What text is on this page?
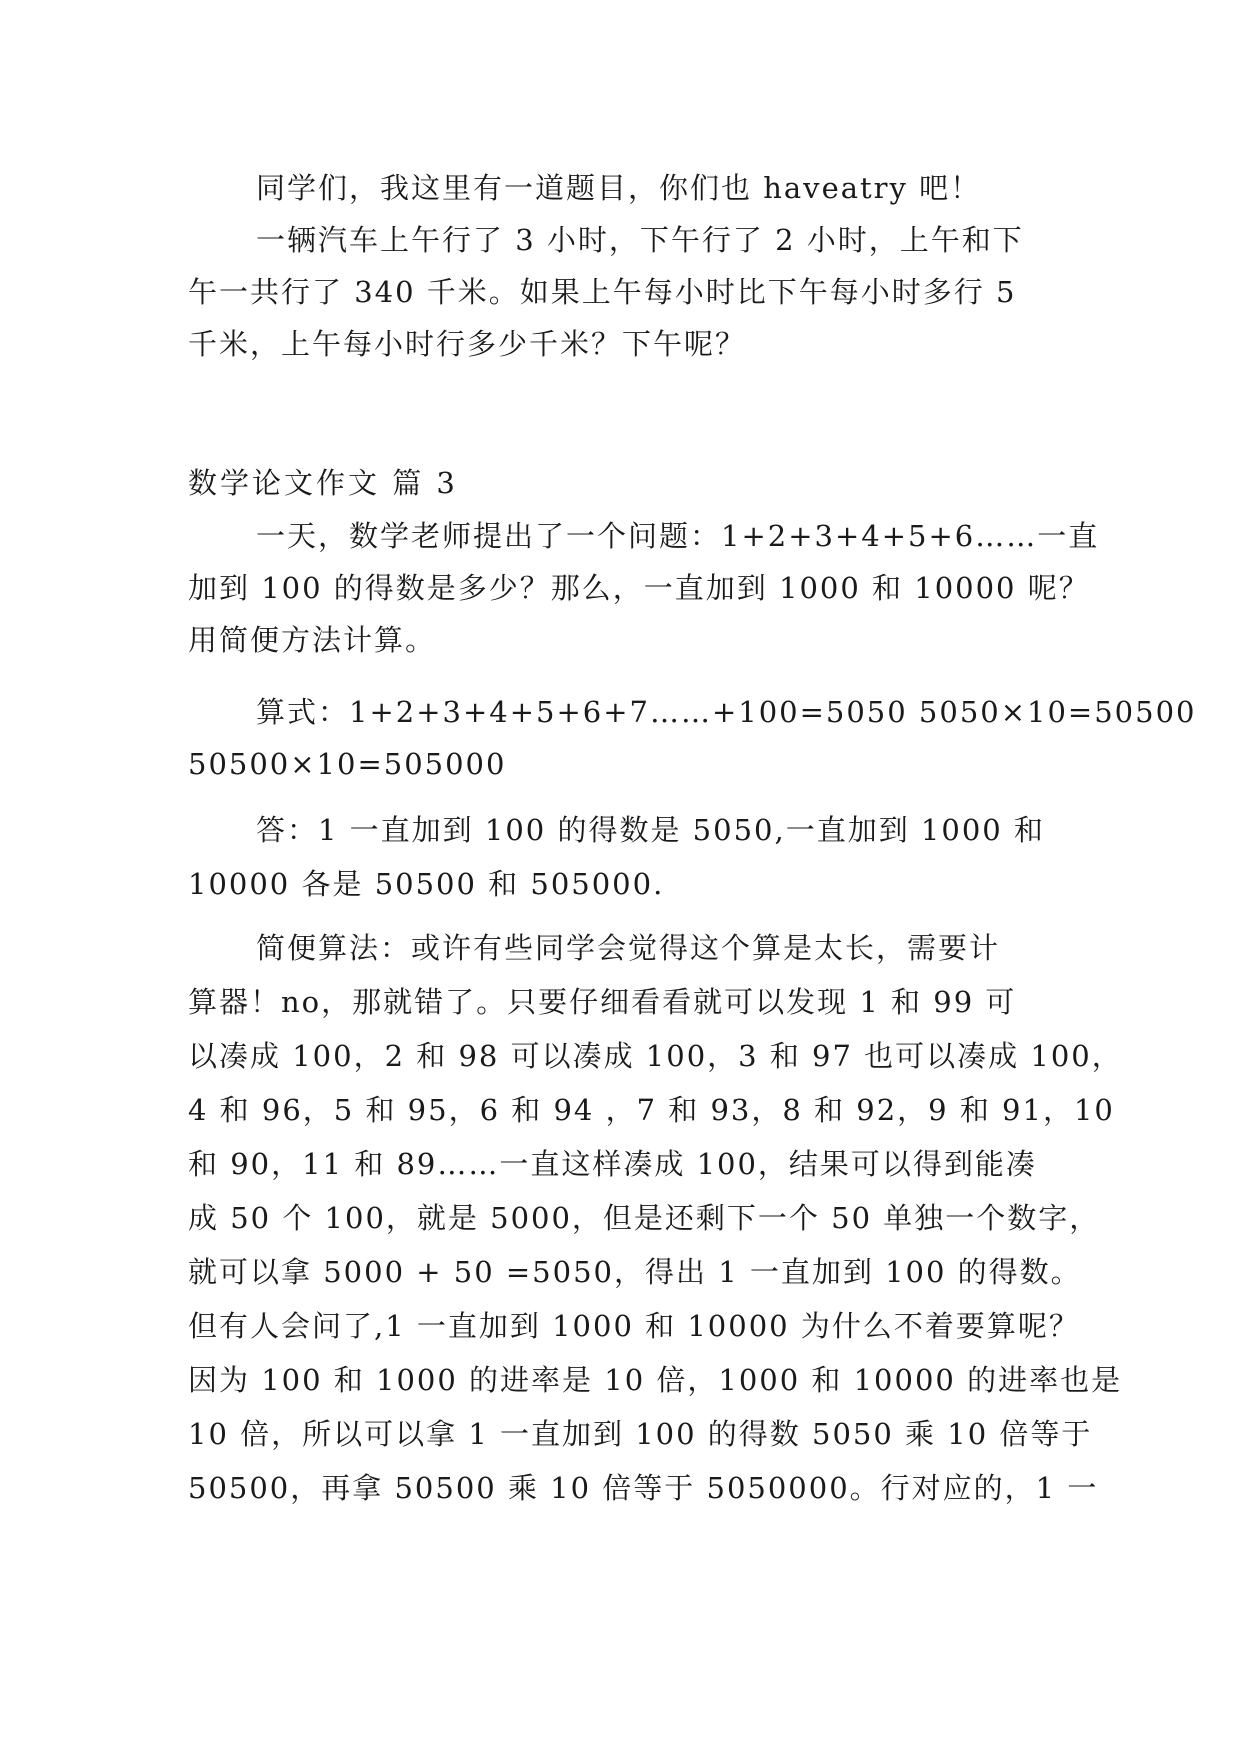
同学们，我这里有一道题目，你们也 haveatry 吧！
一辆汽车上午行了 3 小时，下午行了 2 小时，上午和下
午一共行了 340 千米。如果上午每小时比下午每小时多行 5
千米，上午每小时行多少千米？下午呢？
数学论文作文 篇 3
一天，数学老师提出了一个问题：1+2+3+4+5+6……一直
加到 100 的得数是多少？那么，一直加到 1000 和 10000 呢？
用简便方法计算。
算式：1+2+3+4+5+6+7……+100=5050 5050×10=50500
50500×10=505000
答：1 一直加到 100 的得数是 5050,一直加到 1000 和
10000 各是 50500 和 505000.
简便算法：或许有些同学会觉得这个算是太长，需要计
算器！no，那就错了。只要仔细看看就可以发现 1 和 99 可
以凑成 100，2 和 98 可以凑成 100，3 和 97 也可以凑成 100，
4 和 96，5 和 95，6 和 94 ，7 和 93，8 和 92，9 和 91，10
和 90，11 和 89……一直这样凑成 100，结果可以得到能凑
成 50 个 100，就是 5000，但是还剩下一个 50 单独一个数字，
就可以拿 5000 + 50 =5050，得出 1 一直加到 100 的得数。
但有人会问了,1 一直加到 1000 和 10000 为什么不着要算呢？
因为 100 和 1000 的进率是 10 倍，1000 和 10000 的进率也是
10 倍，所以可以拿 1 一直加到 100 的得数 5050 乘 10 倍等于
50500，再拿 50500 乘 10 倍等于 5050000。行对应的，1 一
